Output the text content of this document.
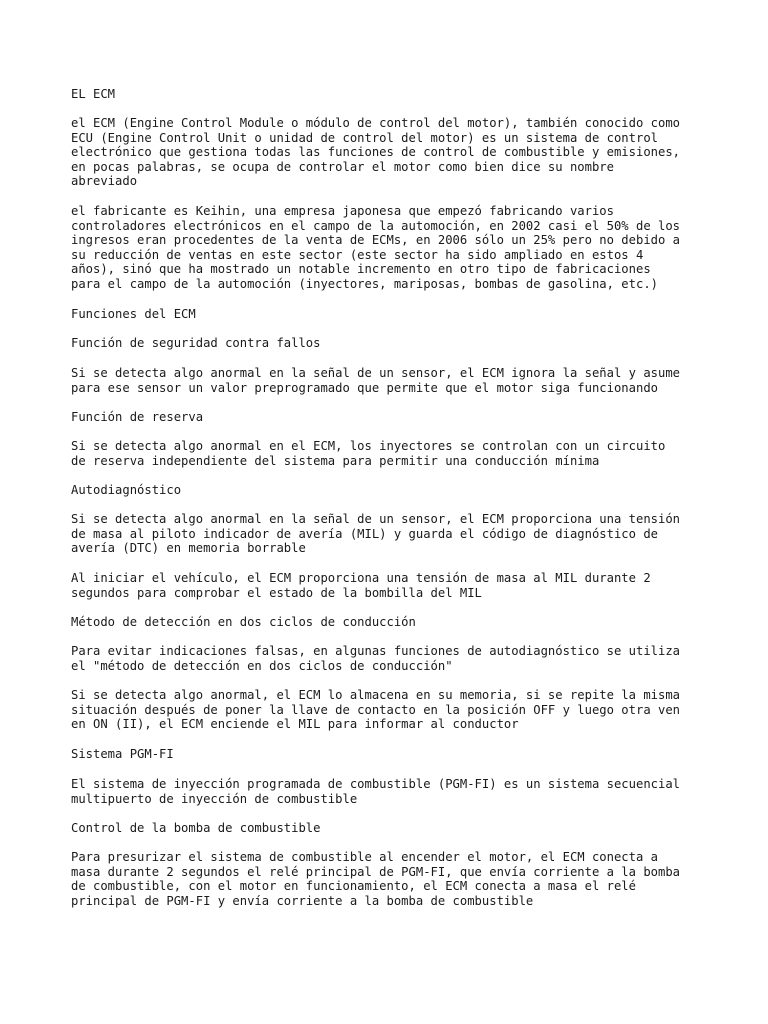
EL ECM

el ECM (Engine Control Module o módulo de control del motor), también conocido como
ECU (Engine Control Unit o unidad de control del motor) es un sistema de control
electrónico que gestiona todas las funciones de control de combustible y emisiones,
en pocas palabras, se ocupa de controlar el motor como bien dice su nombre
abreviado

el fabricante es Keihin, una empresa japonesa que empezó fabricando varios
controladores electrónicos en el campo de la automoción, en 2002 casi el 50% de los
ingresos eran procedentes de la venta de ECMs, en 2006 sólo un 25% pero no debido a
su reducción de ventas en este sector (este sector ha sido ampliado en estos 4
años), sinó que ha mostrado un notable incremento en otro tipo de fabricaciones
para el campo de la automoción (inyectores, mariposas, bombas de gasolina, etc.)

Funciones del ECM

Función de seguridad contra fallos

Si se detecta algo anormal en la señal de un sensor, el ECM ignora la señal y asume
para ese sensor un valor preprogramado que permite que el motor siga funcionando

Función de reserva

Si se detecta algo anormal en el ECM, los inyectores se controlan con un circuito
de reserva independiente del sistema para permitir una conducción mínima

Autodiagnóstico

Si se detecta algo anormal en la señal de un sensor, el ECM proporciona una tensión
de masa al piloto indicador de avería (MIL) y guarda el código de diagnóstico de
avería (DTC) en memoria borrable

Al iniciar el vehículo, el ECM proporciona una tensión de masa al MIL durante 2
segundos para comprobar el estado de la bombilla del MIL

Método de detección en dos ciclos de conducción

Para evitar indicaciones falsas, en algunas funciones de autodiagnóstico se utiliza
el "método de detección en dos ciclos de conducción"

Si se detecta algo anormal, el ECM lo almacena en su memoria, si se repite la misma
situación después de poner la llave de contacto en la posición OFF y luego otra ven
en ON (II), el ECM enciende el MIL para informar al conductor

Sistema PGM-FI

El sistema de inyección programada de combustible (PGM-FI) es un sistema secuencial
multipuerto de inyección de combustible

Control de la bomba de combustible

Para presurizar el sistema de combustible al encender el motor, el ECM conecta a
masa durante 2 segundos el relé principal de PGM-FI, que envía corriente a la bomba
de combustible, con el motor en funcionamiento, el ECM conecta a masa el relé
principal de PGM-FI y envía corriente a la bomba de combustible
